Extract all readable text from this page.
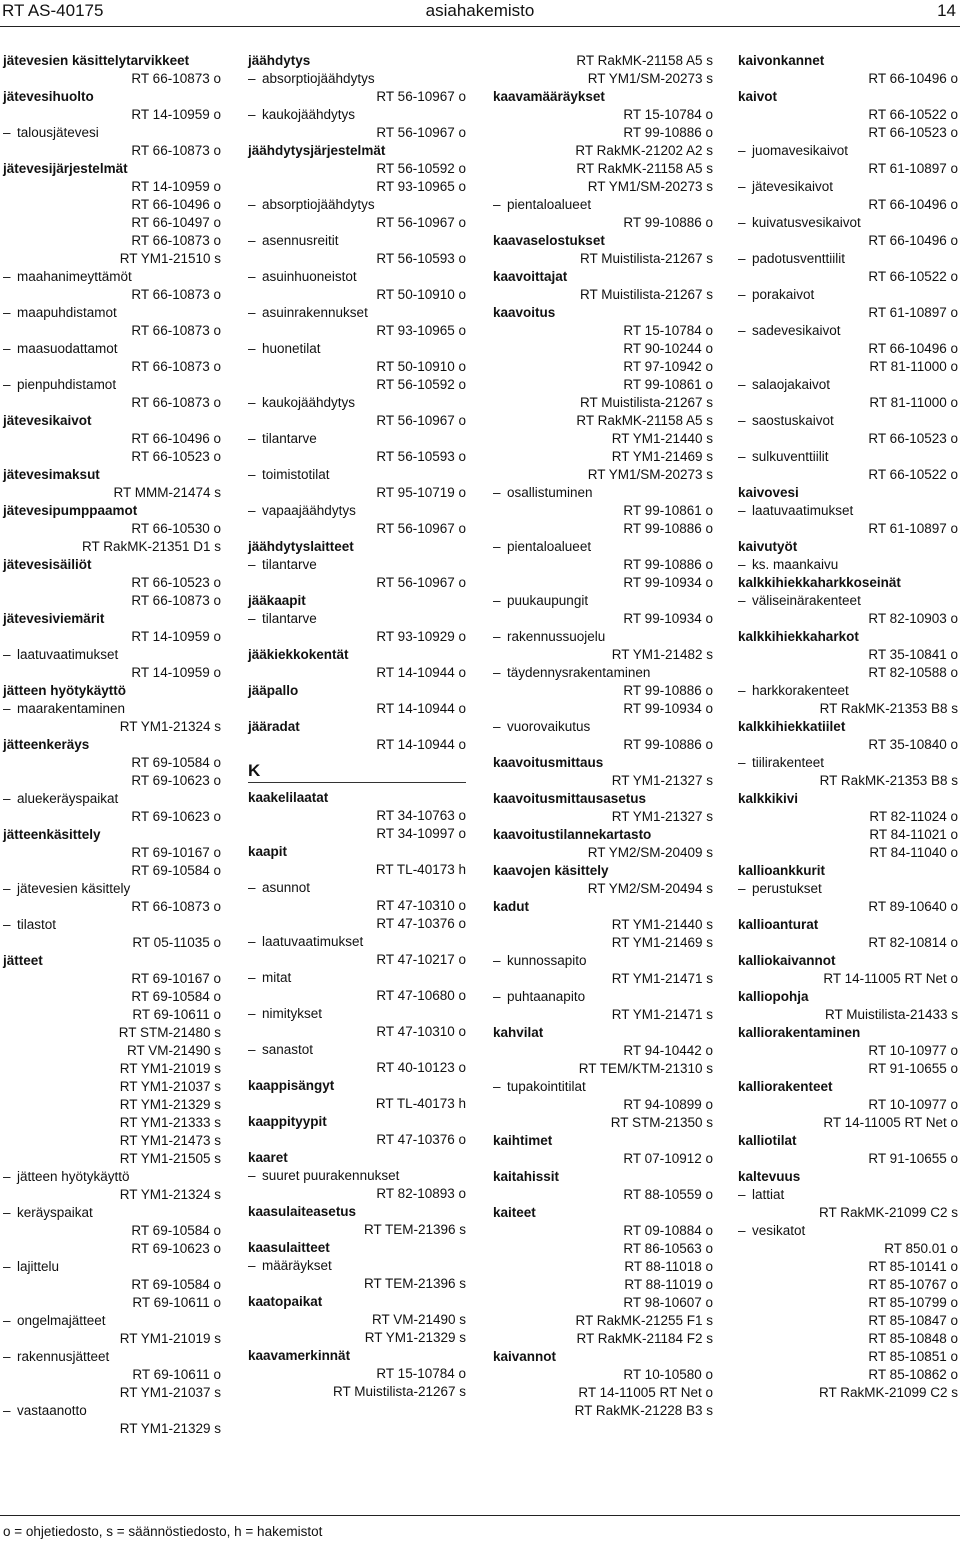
RT AS-40175	asiahakemisto	14
jätevesien käsittelytarvikkeet
RT 66-10873 o
jätevesihuolto
RT 14-10959 o
– talousjätevesi
RT 66-10873 o
jätevesijärjestelmät
RT 14-10959 o
RT 66-10496 o
RT 66-10497 o
RT 66-10873 o
RT YM1-21510 s
– maahanimeyttämöt
RT 66-10873 o
– maapuhdistamot
RT 66-10873 o
– maasuodattamot
RT 66-10873 o
– pienpuhdistamot
RT 66-10873 o
jätevesikaivot
RT 66-10496 o
RT 66-10523 o
jätevesimaksut
RT MMM-21474 s
jätevesipumppaamot
RT 66-10530 o
RT RakMK-21351 D1 s
jätevesisäiliöt
RT 66-10523 o
RT 66-10873 o
jätevesiviemärit
RT 14-10959 o
– laatuvaatimukset
RT 14-10959 o
jätteen hyötykäyttö
– maarakentaminen
RT YM1-21324 s
jätteenkeräys
RT 69-10584 o
RT 69-10623 o
– aluekeräyspaikat
RT 69-10623 o
jätteenkäsittely
RT 69-10167 o
RT 69-10584 o
– jätevesien käsittely
RT 66-10873 o
– tilastot
RT 05-11035 o
jätteet
RT 69-10167 o
RT 69-10584 o
RT 69-10611 o
RT STM-21480 s
RT VM-21490 s
RT YM1-21019 s
RT YM1-21037 s
RT YM1-21329 s
RT YM1-21333 s
RT YM1-21473 s
RT YM1-21505 s
– jätteen hyötykäyttö
RT YM1-21324 s
– keräyspaikat
RT 69-10584 o
RT 69-10623 o
– lajittelu
RT 69-10584 o
RT 69-10611 o
– ongelmajätteet
RT YM1-21019 s
– rakennusjätteet
RT 69-10611 o
RT YM1-21037 s
– vastaanotto
RT YM1-21329 s
jäähdytys
– absorptiojäähdytys
RT 56-10967 o
– kaukojäähdytys
RT 56-10967 o
jäähdytysjärjestelmät
RT 56-10592 o
RT 93-10965 o
– absorptiojäähdytys
RT 56-10967 o
– asennusreitit
RT 56-10593 o
– asuinhuoneistot
RT 50-10910 o
– asuinrakennukset
RT 93-10965 o
– huonetilat
RT 50-10910 o
RT 56-10592 o
– kaukojäähdytys
RT 56-10967 o
– tilantarve
RT 56-10593 o
– toimistotilat
RT 95-10719 o
– vapaajäähdytys
RT 56-10967 o
jäähdytyslaitteet
– tilantarve
RT 56-10967 o
jääkaapit
– tilantarve
RT 93-10929 o
jääkiekkokentät
RT 14-10944 o
jääpallo
RT 14-10944 o
jääradat
RT 14-10944 o
K
kaakelilaatat
RT 34-10763 o
RT 34-10997 o
kaapit
RT TL-40173 h
– asunnot
RT 47-10310 o
RT 47-10376 o
– laatuvaatimukset
RT 47-10217 o
– mitat
RT 47-10680 o
– nimitykset
RT 47-10310 o
– sanastot
RT 40-10123 o
kaappisängyt
RT TL-40173 h
kaappityypit
RT 47-10376 o
kaaret
– suuret puurakennukset
RT 82-10893 o
kaasulaiteasetus
RT TEM-21396 s
kaasulaitteet
– määräykset
RT TEM-21396 s
kaatopaikat
RT VM-21490 s
RT YM1-21329 s
kaavamerkinnät
RT 15-10784 o
RT Muistilista-21267 s
RT RakMK-21158 A5 s
RT YM1/SM-20273 s
kaavamääräykset
RT 15-10784 o
RT 99-10886 o
RT RakMK-21202 A2 s
RT RakMK-21158 A5 s
RT YM1/SM-20273 s
– pientaloalueet
RT 99-10886 o
kaavaselostukset
RT Muistilista-21267 s
kaavoittajat
RT Muistilista-21267 s
kaavoitus
RT 15-10784 o
RT 90-10244 o
RT 97-10942 o
RT 99-10861 o
RT Muistilista-21267 s
RT RakMK-21158 A5 s
RT YM1-21440 s
RT YM1-21469 s
RT YM1/SM-20273 s
– osallistuminen
RT 99-10861 o
RT 99-10886 o
– pientaloalueet
RT 99-10886 o
RT 99-10934 o
– puukaupungit
RT 99-10934 o
– rakennussuojelu
RT YM1-21482 s
– täydennysrakentaminen
RT 99-10886 o
RT 99-10934 o
– vuorovaikutus
RT 99-10886 o
kaavoitusmittaus
RT YM1-21327 s
kaavoitusmittausasetus
RT YM1-21327 s
kaavoitustilannekartasto
RT YM2/SM-20409 s
kaavojen käsittely
RT YM2/SM-20494 s
kadut
RT YM1-21440 s
RT YM1-21469 s
– kunnossapito
RT YM1-21471 s
– puhtaanapito
RT YM1-21471 s
kahvilat
RT 94-10442 o
RT TEM/KTM-21310 s
– tupakointitilat
RT 94-10899 o
RT STM-21350 s
kaihtimet
RT 07-10912 o
kaitahissit
RT 88-10559 o
kaiteet
RT 09-10884 o
RT 86-10563 o
RT 88-11018 o
RT 88-11019 o
RT 98-10607 o
RT RakMK-21255 F1 s
RT RakMK-21184 F2 s
kaivannot
RT 10-10580 o
RT 14-11005 RT Net o
RT RakMK-21228 B3 s
kaivonkannet
RT 66-10496 o
kaivot
RT 66-10522 o
RT 66-10523 o
– juomavesikaivot
RT 61-10897 o
– jätevesikaivot
RT 66-10496 o
– kuivatusvesikaivot
RT 66-10496 o
– padotusventtiilit
RT 66-10522 o
– porakaivot
RT 61-10897 o
– sadevesikaivot
RT 66-10496 o
RT 81-11000 o
– salaojakaivot
RT 81-11000 o
– saostuskaivot
RT 66-10523 o
– sulkuventtiilit
RT 66-10522 o
kaivovesi
– laatuvaatimukset
RT 61-10897 o
kaivutyöt
– ks. maankaivu
kalkkihiekkaharkkoseinät
– väliseinärakenteet
RT 82-10903 o
kalkkihiekkaharkot
RT 35-10841 o
RT 82-10588 o
– harkkorakenteet
RT RakMK-21353 B8 s
kalkkihiekkatiilet
RT 35-10840 o
– tiilirakenteet
RT RakMK-21353 B8 s
kalkkikivi
RT 82-11024 o
RT 84-11021 o
RT 84-11040 o
kallioankkurit
– perustukset
RT 89-10640 o
kallioanturat
RT 82-10814 o
kalliokaivannot
RT 14-11005 RT Net o
kalliopohja
RT Muistilista-21433 s
kalliorakentaminen
RT 10-10977 o
RT 91-10655 o
kalliorakenteet
RT 10-10977 o
RT 14-11005 RT Net o
kalliotilat
RT 91-10655 o
kaltevuus
– lattiat
RT RakMK-21099 C2 s
– vesikatot
RT 850.01 o
RT 85-10141 o
RT 85-10767 o
RT 85-10799 o
RT 85-10847 o
RT 85-10848 o
RT 85-10851 o
RT 85-10862 o
RT RakMK-21099 C2 s
o = ohjetiedosto, s = säännöstiedosto, h = hakemistot
